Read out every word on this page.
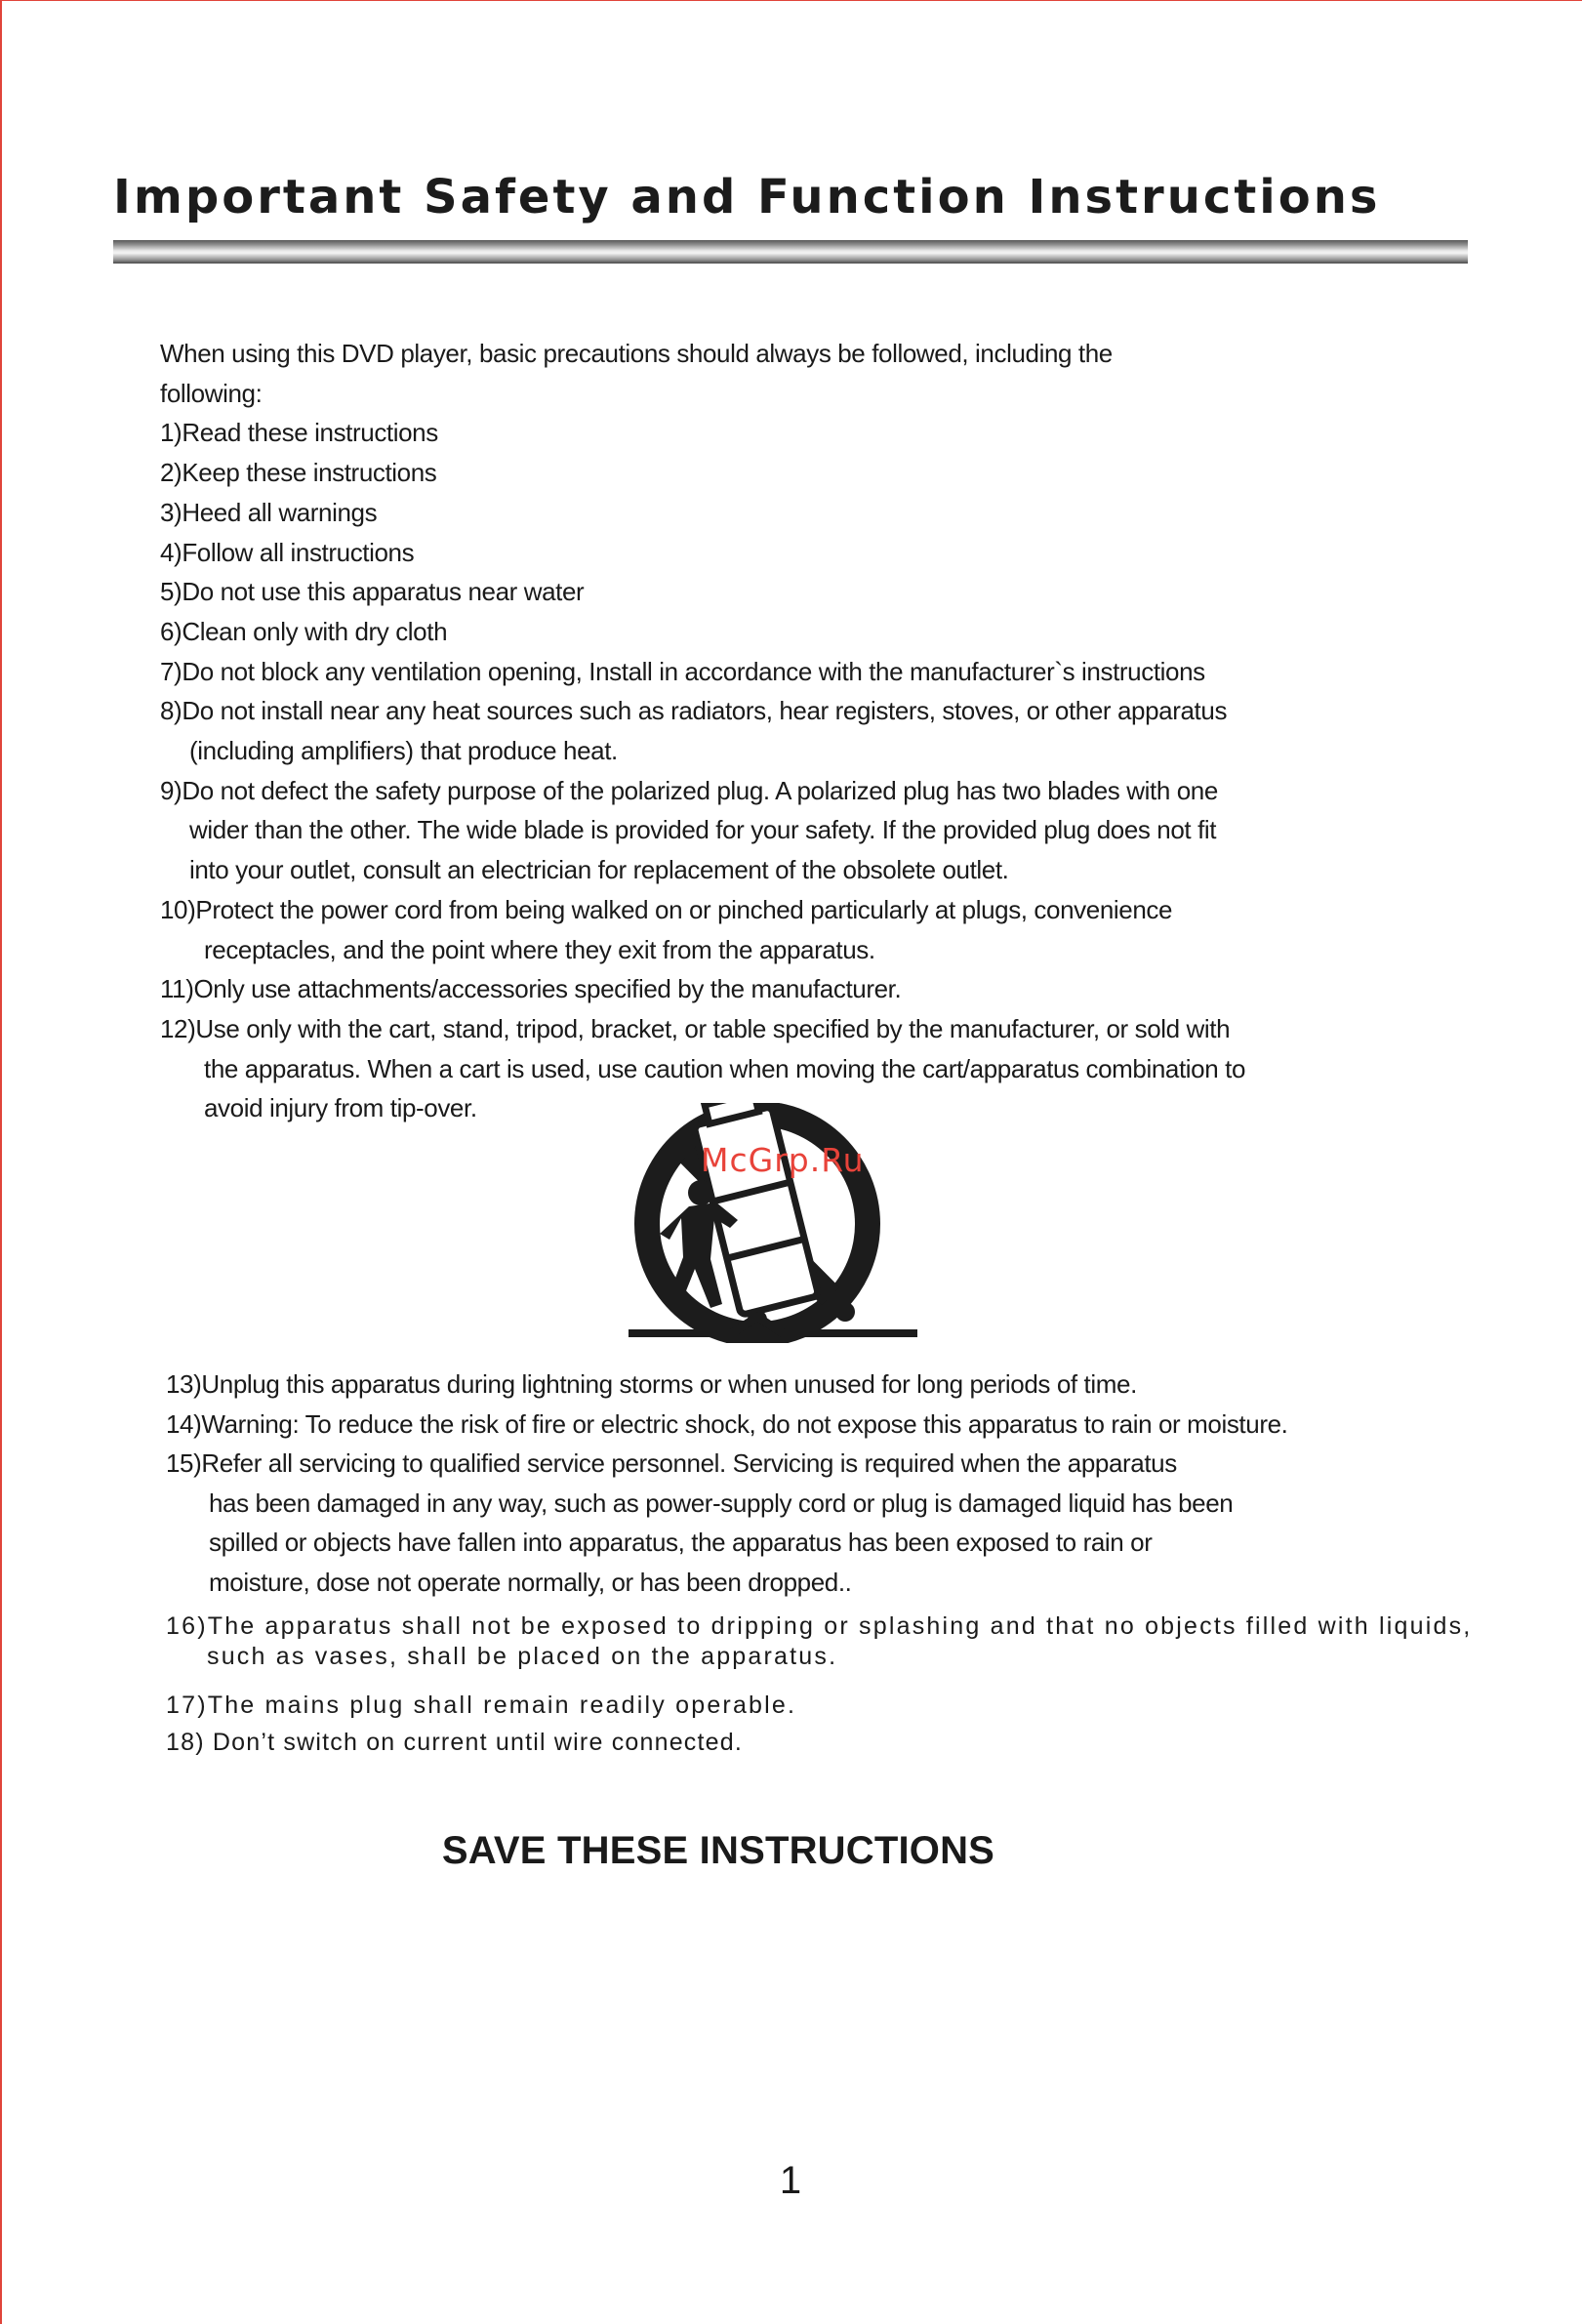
Important Safety and Function Instructions

When using this DVD player, basic precautions should always be followed, including the

following:

1) Read these instructions
2) Keep these instructions
3) Heed all warnings
4) Follow all instructions
5) Do not use this apparatus near water
6) Clean only with dry cloth
7) Do not block any ventilation opening, Install in accordance with the manufacturer`s instructions
8) Do not install near any heat sources such as radiators, hear registers, stoves, or other apparatus

(including amplifiers) that produce heat.

9) Do not defect the safety purpose of the polarized plug. A polarized plug has two blades with one

wider than the other. The wide blade is provided for your safety. If the provided plug does not fit

into your outlet, consult an electrician for replacement of the obsolete outlet.

10) Protect the power cord from being walked on or pinched particularly at plugs, convenience

receptacles, and the point where they exit from the apparatus.

11) Only use attachments/accessories specified by the manufacturer.
12) Use only with the cart, stand, tripod, bracket, or table specified by the manufacturer, or sold with

the apparatus. When a cart is used, use caution when moving the cart/apparatus combination to

avoid injury from tip-over.

McGrp.Ru
13) Unplug this apparatus during lightning storms or when unused for long periods of time.
14) Warning: To reduce the risk of fire or electric shock, do not expose this apparatus to rain or moisture.
15) Refer all servicing to qualified service personnel. Servicing is required when the apparatus

has been damaged in any way, such as power-supply cord or plug is damaged liquid has been

spilled or objects have fallen into apparatus, the apparatus has been exposed to rain or

moisture, dose not operate normally, or has been dropped..

16)The apparatus shall not be exposed to dripping or splashing and that no objects filled with liquids,
such as vases, shall be placed on the apparatus.
17)The mains plug shall remain readily operable.
18) Don’t switch on current until wire connected.
SAVE THESE INSTRUCTIONS
1
